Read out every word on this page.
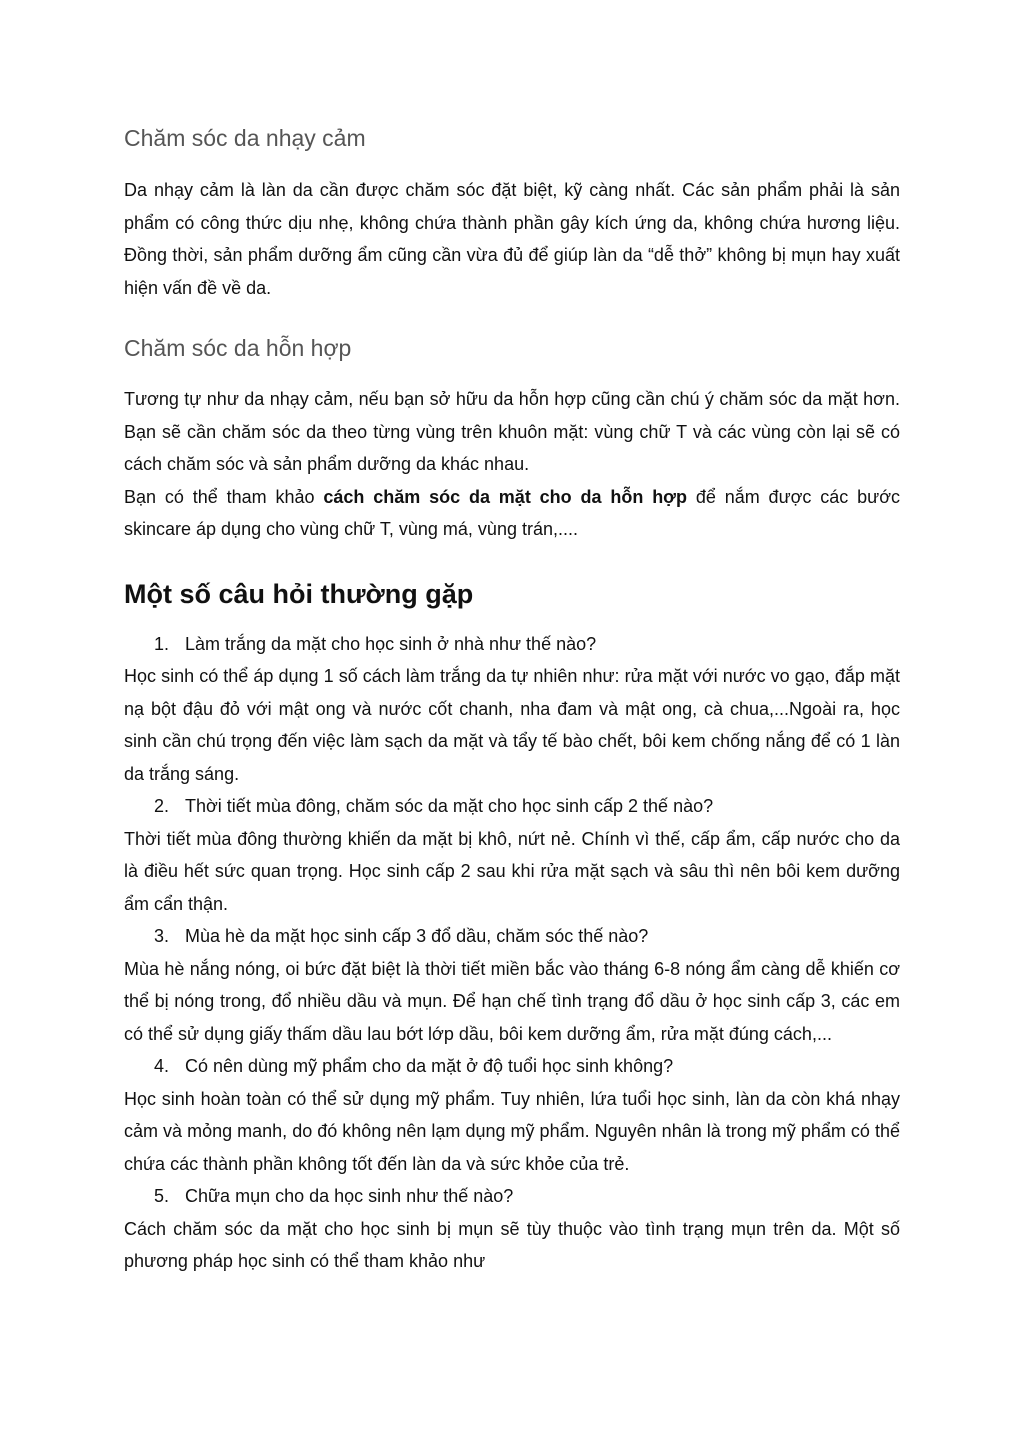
Chăm sóc da nhạy cảm

Da nhạy cảm là làn da cần được chăm sóc đặt biệt, kỹ càng nhất. Các sản phẩm phải là sản phẩm có công thức dịu nhẹ, không chứa thành phần gây kích ứng da, không chứa hương liệu. Đồng thời, sản phẩm dưỡng ẩm cũng cần vừa đủ để giúp làn da “dễ thở” không bị mụn hay xuất hiện vấn đề về da.

Chăm sóc da hỗn hợp

Tương tự như da nhạy cảm, nếu bạn sở hữu da hỗn hợp cũng cần chú ý chăm sóc da mặt hơn. Bạn sẽ cần chăm sóc da theo từng vùng trên khuôn mặt: vùng chữ T và các vùng còn lại sẽ có cách chăm sóc và sản phẩm dưỡng da khác nhau.

Bạn có thể tham khảo cách chăm sóc da mặt cho da hỗn hợp để nắm được các bước skincare áp dụng cho vùng chữ T, vùng má, vùng trán,....

Một số câu hỏi thường gặp

1. Làm trắng da mặt cho học sinh ở nhà như thế nào?

Học sinh có thể áp dụng 1 số cách làm trắng da tự nhiên như: rửa mặt với nước vo gạo, đắp mặt nạ bột đậu đỏ với mật ong và nước cốt chanh, nha đam và mật ong, cà chua,...Ngoài ra, học sinh cần chú trọng đến việc làm sạch da mặt và tẩy tế bào chết, bôi kem chống nắng để có 1 làn da trắng sáng.

2. Thời tiết mùa đông, chăm sóc da mặt cho học sinh cấp 2 thế nào?

Thời tiết mùa đông thường khiến da mặt bị khô, nứt nẻ. Chính vì thế, cấp ẩm, cấp nước cho da là điều hết sức quan trọng. Học sinh cấp 2 sau khi rửa mặt sạch và sâu thì nên bôi kem dưỡng ẩm cẩn thận.

3. Mùa hè da mặt học sinh cấp 3 đổ dầu, chăm sóc thế nào?

Mùa hè nắng nóng, oi bức đặt biệt là thời tiết miền bắc vào tháng 6-8 nóng ẩm càng dễ khiến cơ thể bị nóng trong, đổ nhiều dầu và mụn. Để hạn chế tình trạng đổ dầu ở học sinh cấp 3, các em có thể sử dụng giấy thấm dầu lau bớt lớp dầu, bôi kem dưỡng ẩm, rửa mặt đúng cách,...

4. Có nên dùng mỹ phẩm cho da mặt ở độ tuổi học sinh không?

Học sinh hoàn toàn có thể sử dụng mỹ phẩm. Tuy nhiên, lứa tuổi học sinh, làn da còn khá nhạy cảm và mỏng manh, do đó không nên lạm dụng mỹ phẩm. Nguyên nhân là trong mỹ phẩm có thể chứa các thành phần không tốt đến làn da và sức khỏe của trẻ.

5. Chữa mụn cho da học sinh như thế nào?

Cách chăm sóc da mặt cho học sinh bị mụn sẽ tùy thuộc vào tình trạng mụn trên da. Một số phương pháp học sinh có thể tham khảo như
